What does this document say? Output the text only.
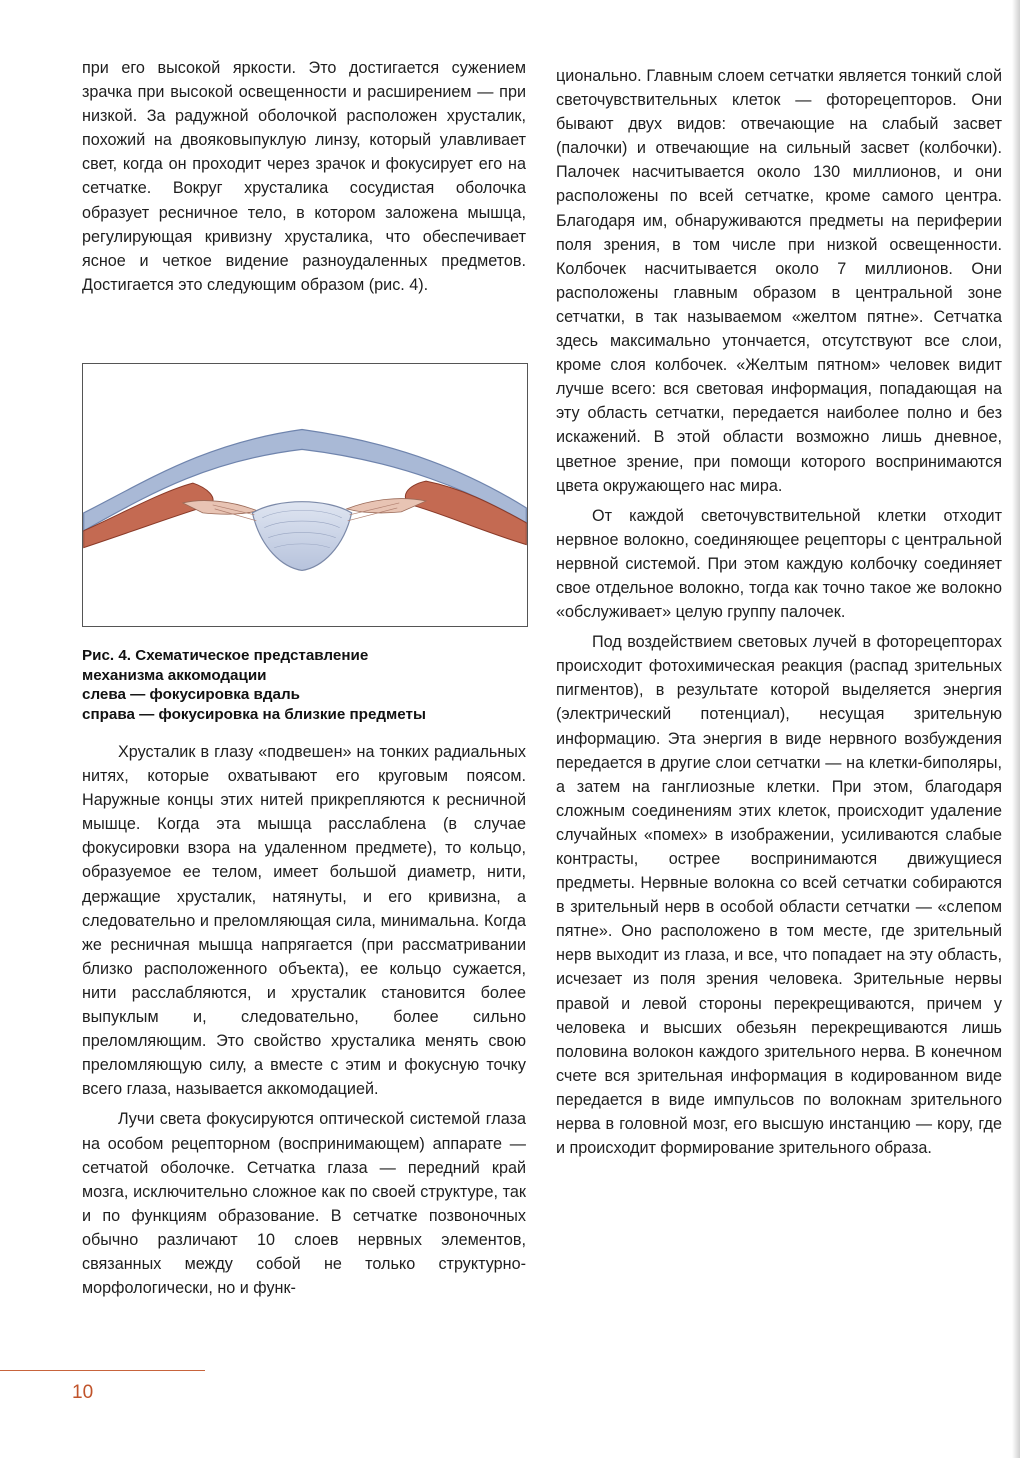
при его высокой яркости. Это достигается сужением зрачка при высокой освещенности и расширением — при низкой. За радужной оболочкой расположен хрусталик, похожий на двояковыпуклую линзу, который улавливает свет, когда он проходит через зрачок и фокусирует его на сетчатке. Вокруг хрусталика сосудистая оболочка образует ресничное тело, в котором заложена мышца, регулирующая кривизну хрусталика, что обеспечивает ясное и четкое видение разноудаленных предметов. Достигается это следующим образом (рис. 4).

Рис. 4. Схематическое представление
механизма аккомодации
слева — фокусировка вдаль
справа — фокусировка на близкие предметы

Хрусталик в глазу «подвешен» на тонких радиальных нитях, которые охватывают его круговым поясом. Наружные концы этих нитей прикрепляются к ресничной мышце. Когда эта мышца расслаблена (в случае фокусировки взора на удаленном предмете), то кольцо, образуемое ее телом, имеет большой диаметр, нити, держащие хрусталик, натянуты, и его кривизна, а следовательно и преломляющая сила, минимальна. Когда же ресничная мышца напрягается (при рассматривании близко расположенного объекта), ее кольцо сужается, нити расслабляются, и хрусталик становится более выпуклым и, следовательно, более сильно преломляющим. Это свойство хрусталика менять свою преломляющую силу, а вместе с этим и фокусную точку всего глаза, называется аккомодацией.

Лучи света фокусируются оптической системой глаза на особом рецепторном (воспринимающем) аппарате — сетчатой оболочке. Сетчатка глаза — передний край мозга, исключительно сложное как по своей структуре, так и по функциям образование. В сетчатке позвоночных обычно различают 10 слоев нервных элементов, связанных между собой не только структурно-морфологически, но и функ-

ционально. Главным слоем сетчатки является тонкий слой светочувствительных клеток — фоторецепторов. Они бывают двух видов: отвечающие на слабый засвет (палочки) и отвечающие на сильный засвет (колбочки). Палочек насчитывается около 130 миллионов, и они расположены по всей сетчатке, кроме самого центра. Благодаря им, обнаруживаются предметы на периферии поля зрения, в том числе при низкой освещенности. Колбочек насчитывается около 7 миллионов. Они расположены главным образом в центральной зоне сетчатки, в так называемом «желтом пятне». Сетчатка здесь максимально утончается, отсутствуют все слои, кроме слоя колбочек. «Желтым пятном» человек видит лучше всего: вся световая информация, попадающая на эту область сетчатки, передается наиболее полно и без искажений. В этой области возможно лишь дневное, цветное зрение, при помощи которого воспринимаются цвета окружающего нас мира.

От каждой светочувствительной клетки отходит нервное волокно, соединяющее рецепторы с центральной нервной системой. При этом каждую колбочку соединяет свое отдельное волокно, тогда как точно такое же волокно «обслуживает» целую группу палочек.

Под воздействием световых лучей в фоторецепторах происходит фотохимическая реакция (распад зрительных пигментов), в результате которой выделяется энергия (электрический потенциал), несущая зрительную информацию. Эта энергия в виде нервного возбуждения передается в другие слои сетчатки — на клетки-биполяры, а затем на ганглиозные клетки. При этом, благодаря сложным соединениям этих клеток, происходит удаление случайных «помех» в изображении, усиливаются слабые контрасты, острее воспринимаются движущиеся предметы. Нервные волокна со всей сетчатки собираются в зрительный нерв в особой области сетчатки — «слепом пятне». Оно расположено в том месте, где зрительный нерв выходит из глаза, и все, что попадает на эту область, исчезает из поля зрения человека. Зрительные нервы правой и левой стороны перекрещиваются, причем у человека и высших обезьян перекрещиваются лишь половина волокон каждого зрительного нерва. В конечном счете вся зрительная информация в кодированном виде передается в виде импульсов по волокнам зрительного нерва в головной мозг, его высшую инстанцию — кору, где и происходит формирование зрительного образа.

10
